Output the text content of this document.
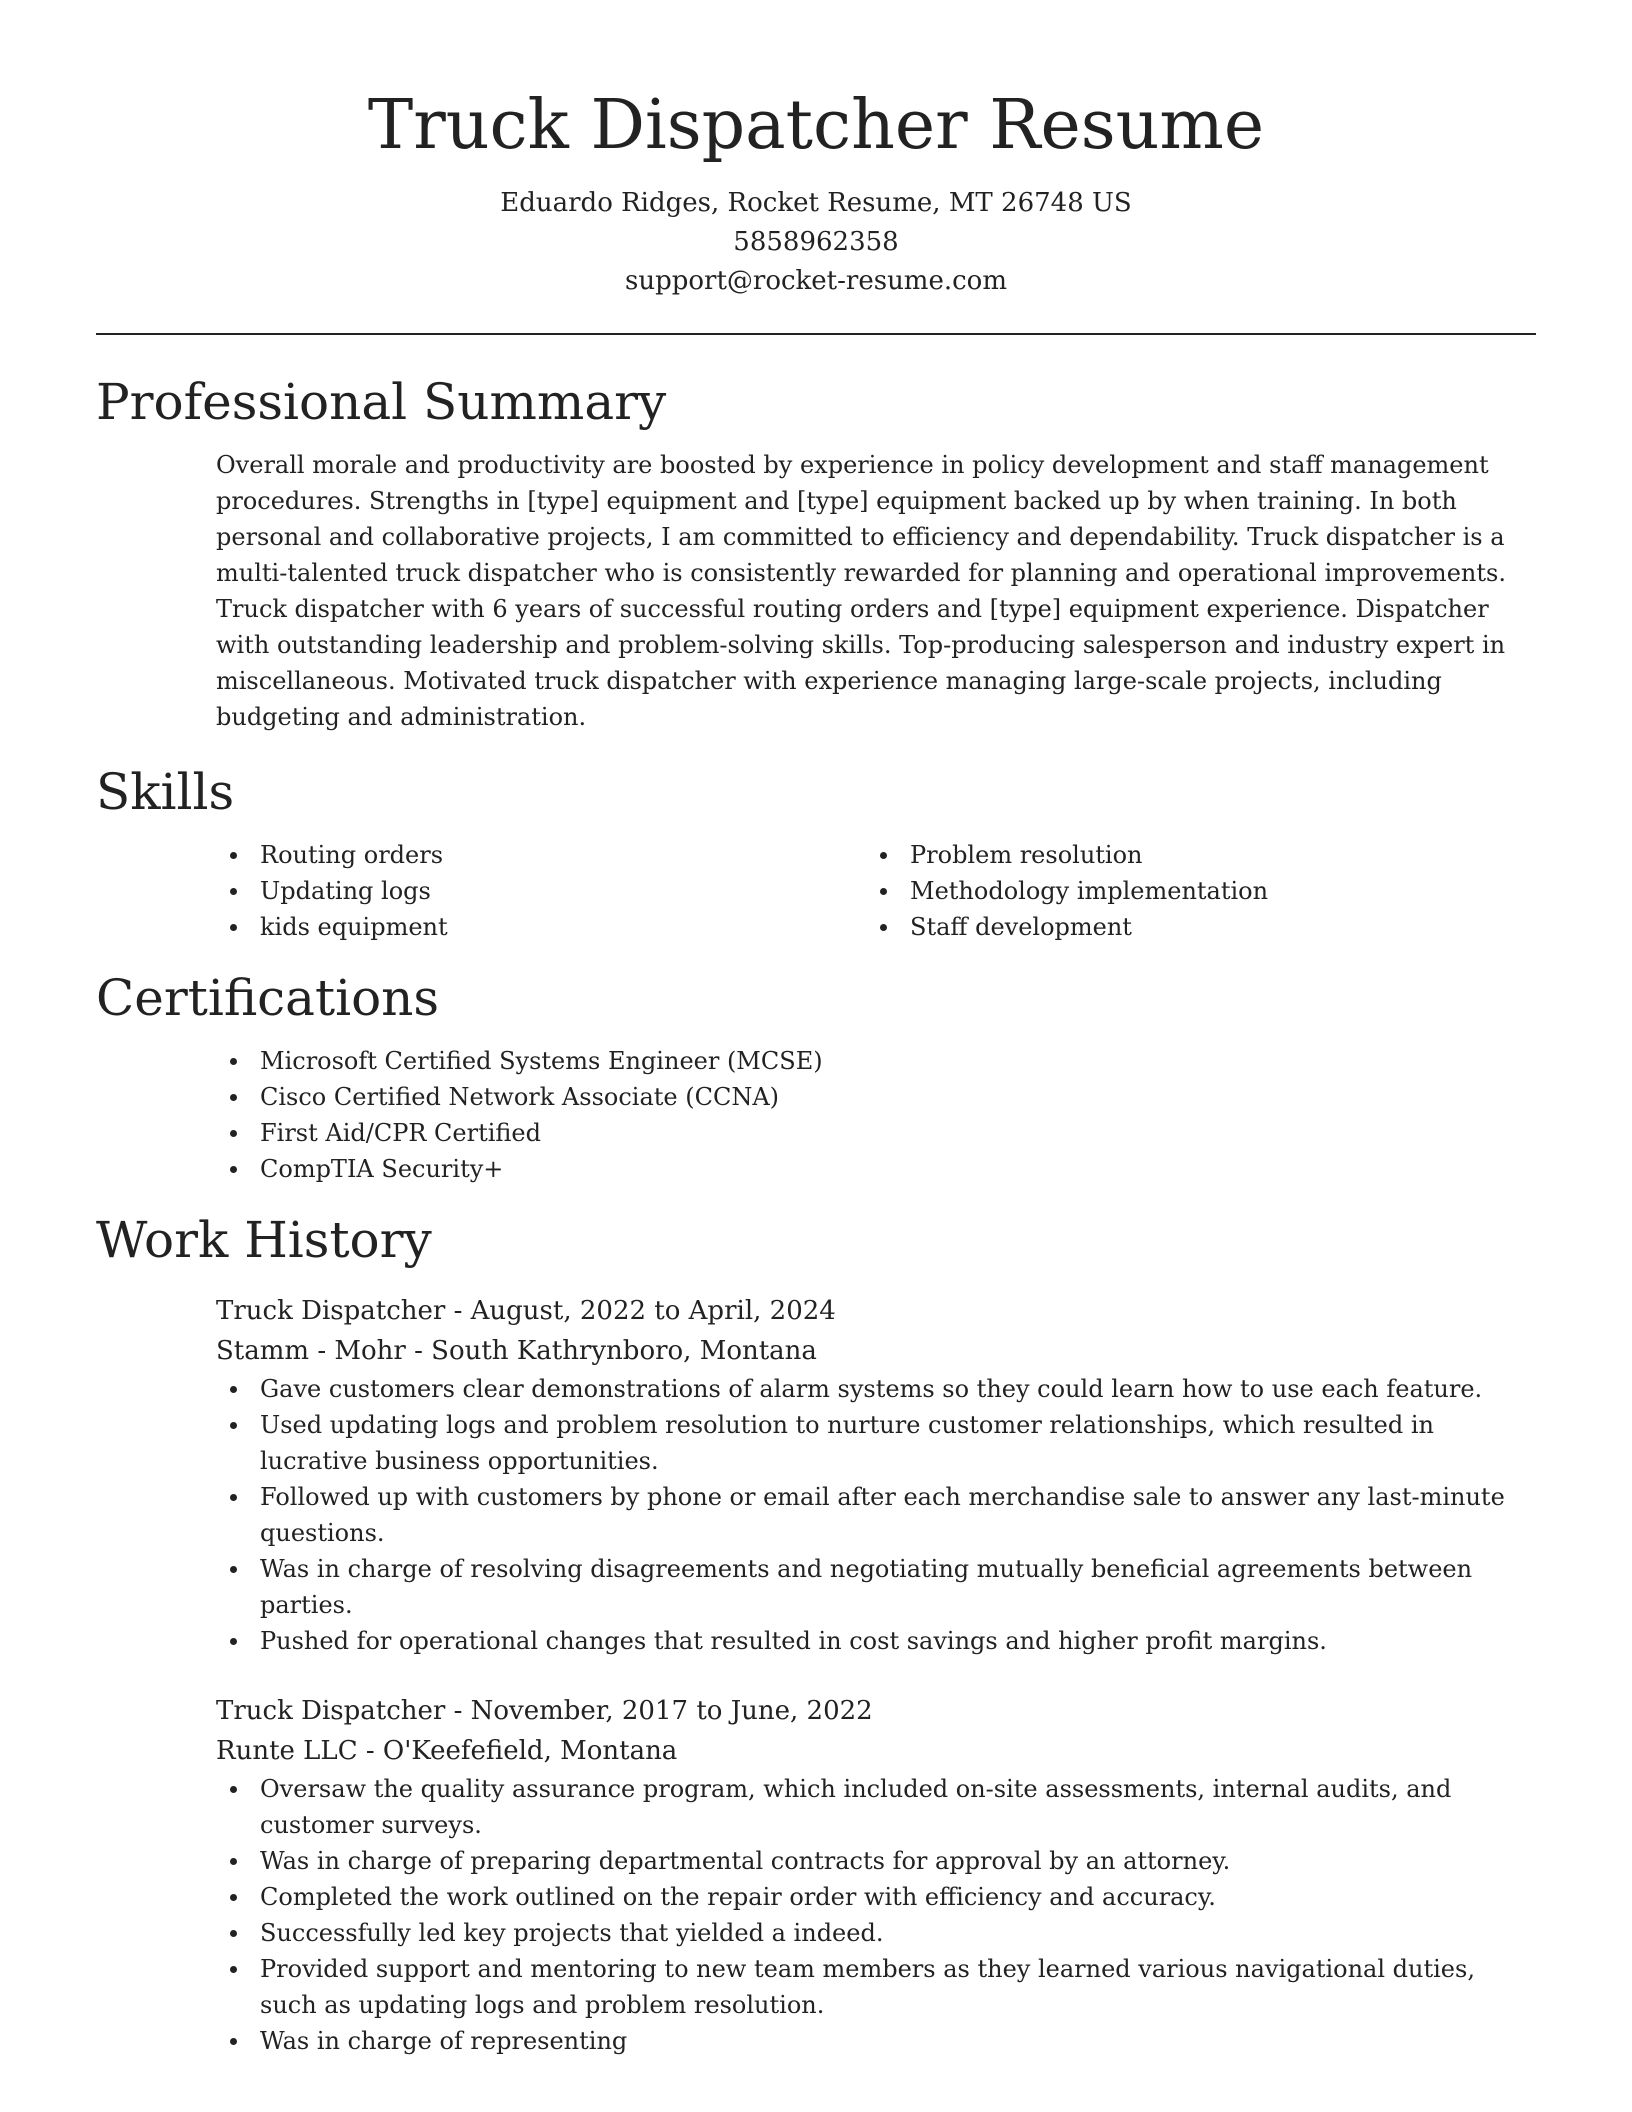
Truck Dispatcher Resume
Eduardo Ridges, Rocket Resume, MT 26748 US
5858962358
support@rocket-resume.com
Professional Summary
Overall morale and productivity are boosted by experience in policy development and staff management procedures. Strengths in [type] equipment and [type] equipment backed up by when training. In both personal and collaborative projects, I am committed to efficiency and dependability. Truck dispatcher is a multi-talented truck dispatcher who is consistently rewarded for planning and operational improvements. Truck dispatcher with 6 years of successful routing orders and [type] equipment experience. Dispatcher with outstanding leadership and problem-solving skills. Top-producing salesperson and industry expert in miscellaneous. Motivated truck dispatcher with experience managing large-scale projects, including budgeting and administration.
Skills
Routing orders
Updating logs
kids equipment
Problem resolution
Methodology implementation
Staff development
Certifications
Microsoft Certified Systems Engineer (MCSE)
Cisco Certified Network Associate (CCNA)
First Aid/CPR Certified
CompTIA Security+
Work History
Truck Dispatcher - August, 2022 to April, 2024
Stamm - Mohr - South Kathrynboro, Montana
Gave customers clear demonstrations of alarm systems so they could learn how to use each feature.
Used updating logs and problem resolution to nurture customer relationships, which resulted in lucrative business opportunities.
Followed up with customers by phone or email after each merchandise sale to answer any last-minute questions.
Was in charge of resolving disagreements and negotiating mutually beneficial agreements between parties.
Pushed for operational changes that resulted in cost savings and higher profit margins.
Truck Dispatcher - November, 2017 to June, 2022
Runte LLC - O'Keefefield, Montana
Oversaw the quality assurance program, which included on-site assessments, internal audits, and customer surveys.
Was in charge of preparing departmental contracts for approval by an attorney.
Completed the work outlined on the repair order with efficiency and accuracy.
Successfully led key projects that yielded a indeed.
Provided support and mentoring to new team members as they learned various navigational duties, such as updating logs and problem resolution.
Was in charge of representing
